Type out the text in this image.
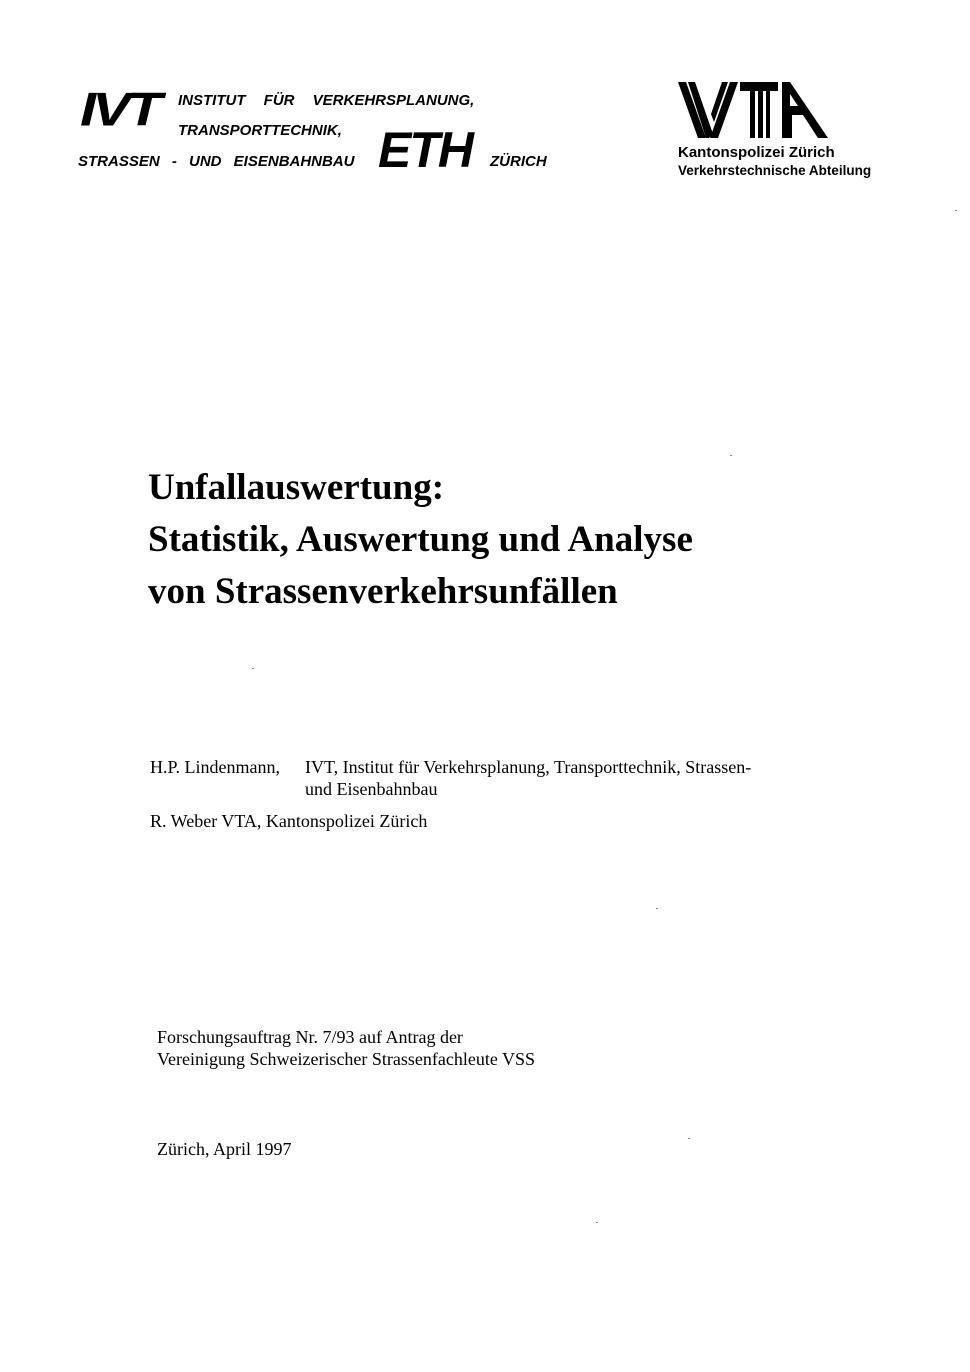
IVT INSTITUT FÜR VERKEHRSPLANUNG,
TRANSPORTTECHNIK,
STRASSEN - UND EISENBAHNBAU ETH ZÜRICH
Kantonspolizei Zürich
Verkehrstechnische Abteilung
Unfallauswertung:
Statistik, Auswertung und Analyse
von Strassenverkehrsunfällen
H.P. Lindenmann, IVT, Institut für Verkehrsplanung, Transporttechnik, Strassen-
und Eisenbahnbau
R. Weber VTA, Kantonspolizei Zürich
Forschungsauftrag Nr. 7/93 auf Antrag der
Vereinigung Schweizerischer Strassenfachleute VSS
Zürich, April 1997
